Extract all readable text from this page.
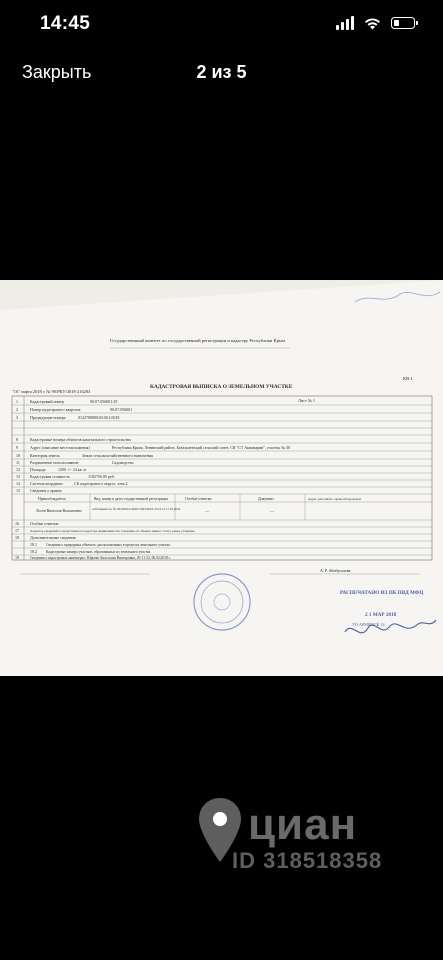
14:45
Закрыть	2 из 5
Государственный комитет по государственной регистрации и кадастру Республики Крым
КАДАСТРОВАЯ ВЫПИСКА О ЗЕМЕЛЬНОМ УЧАСТКЕ
КВ.1
"16" марта 2018 г. № 90/РКУ/2018-216283
Лист № 1
1	Кадастровый номер	90:07:056001:29
2	Номер кадастрового квартала	90:07:056001
3	Предыдущие номера	0122780800:03:001:0019
8	Кадастровые номера объектов капитального строительства
9	Адрес (описание местоположения)	Республика Крым, Ленинский район, Батальненский сельский совет, СК "СТ Аквамарин", участок № 30
10	Категория земель	Земли сельскохозяйственного назначения
11	Разрешенное использование	Садоводство
12	Площадь	1200 +/- 24 кв. м
13	Кадастровая стоимость	1182756.00 руб.
14	Система координат	СК кадастрового округа, зона 2
15	Сведения о правах
Правообладатель	Вид, номер и дата государственной регистрации	Особые отметки	Документ	Адрес для связи с правообладателем
Лосев Вячеслав Васильевич	собственность, № 90-90/016-90/017/003/2016-372/2 от 17.10.2016	—	—
16	Особые отметки:
17	Характер сведений государственного кадастра недвижимости: Сведения об объекте имеют статус ранее учтенные
18	Дополнительные сведения:
18.1	Сведения о природных объектах, расположенных в пределах земельного участка
18.2	Кадастровые номера участков, образованных из земельного участка
19	Сведения о кадастровых инженерах: Юрьева Анастасия Викторовна, 29-11-23, 06.02.2018 г.
А. Р. Абибуллаева
РАСПЕЧАТАНО ИЗ ПК ПВД МФЦ
2 1 МАР 2018
УО АРМЯНСК 14
циан
ID 318518358
